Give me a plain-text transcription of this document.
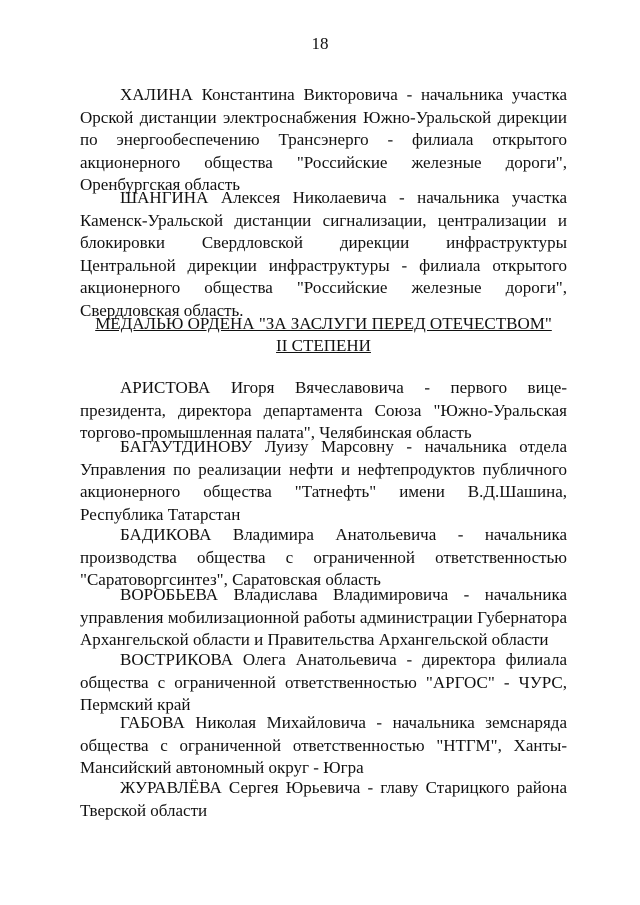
18

ХАЛИНА Константина Викторовича - начальника участка Орской дистанции электроснабжения Южно-Уральской дирекции по энергообеспечению Трансэнерго - филиала открытого акционерного общества "Российские железные дороги", Оренбургская область

ШАНГИНА Алексея Николаевича - начальника участка Каменск-Уральской дистанции сигнализации, централизации и блокировки Свердловской дирекции инфраструктуры Центральной дирекции инфраструктуры - филиала открытого акционерного общества "Российские железные дороги", Свердловская область.

МЕДАЛЬЮ ОРДЕНА "ЗА ЗАСЛУГИ ПЕРЕД ОТЕЧЕСТВОМ"
II СТЕПЕНИ

АРИСТОВА Игоря Вячеславовича - первого вице-президента, директора департамента Союза "Южно-Уральская торгово-промышленная палата", Челябинская область

БАГАУТДИНОВУ Луизу Марсовну - начальника отдела Управления по реализации нефти и нефтепродуктов публичного акционерного общества "Татнефть" имени В.Д.Шашина, Республика Татарстан

БАДИКОВА Владимира Анатольевича - начальника производства общества с ограниченной ответственностью "Саратоворгсинтез", Саратовская область

ВОРОБЬЕВА Владислава Владимировича - начальника управления мобилизационной работы администрации Губернатора Архангельской области и Правительства Архангельской области

ВОСТРИКОВА Олега Анатольевича - директора филиала общества с ограниченной ответственностью "АРГОС" - ЧУРС, Пермский край

ГАБОВА Николая Михайловича - начальника земснаряда общества с ограниченной ответственностью "НТГМ", Ханты-Мансийский автономный округ - Югра

ЖУРАВЛЁВА Сергея Юрьевича - главу Старицкого района Тверской области
